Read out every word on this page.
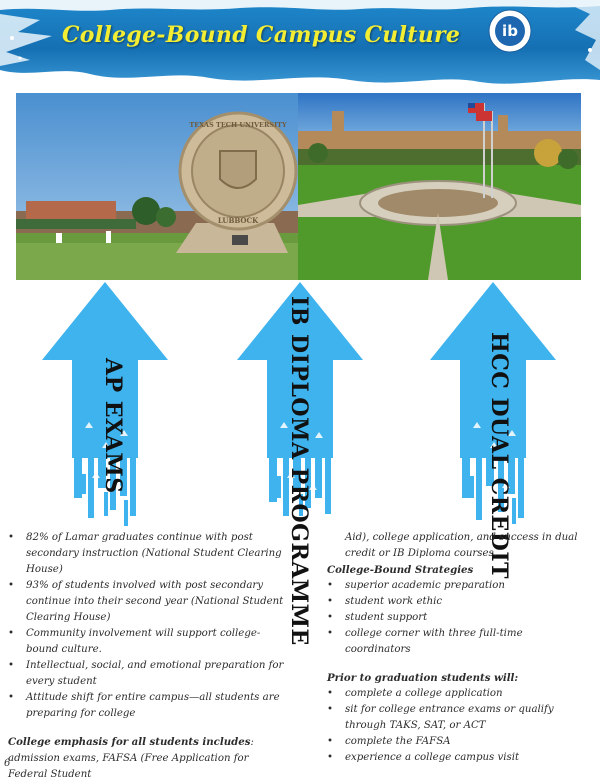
College-Bound Campus Culture	ib
TEXAS TECH UNIVERSITY
LUBBOCK
AP EXAMS	IB DIPLOMA PROGRAMME	HCC DUAL CREDIT
• 82% of Lamar graduates continue with post secondary instruction (National Student Clearing House)
• 93% of students involved with post secondary continue into their second year (National Student Clearing House)
• Community involvement will support college-bound culture.
• Intellectual, social, and emotional preparation for every student
• Attitude shift for entire campus—all students are preparing for college
College emphasis for all students includes: admission exams, FAFSA (Free Application for Federal Student
Aid), college application, and success in dual credit or IB Diploma courses.
College-Bound Strategies
• superior academic preparation
• student work ethic
• student support
• college corner with three full-time coordinators
Prior to graduation students will:
• complete a college application
• sit for college entrance exams or qualify through TAKS, SAT, or ACT
• complete the FAFSA
• experience a college campus visit
6
